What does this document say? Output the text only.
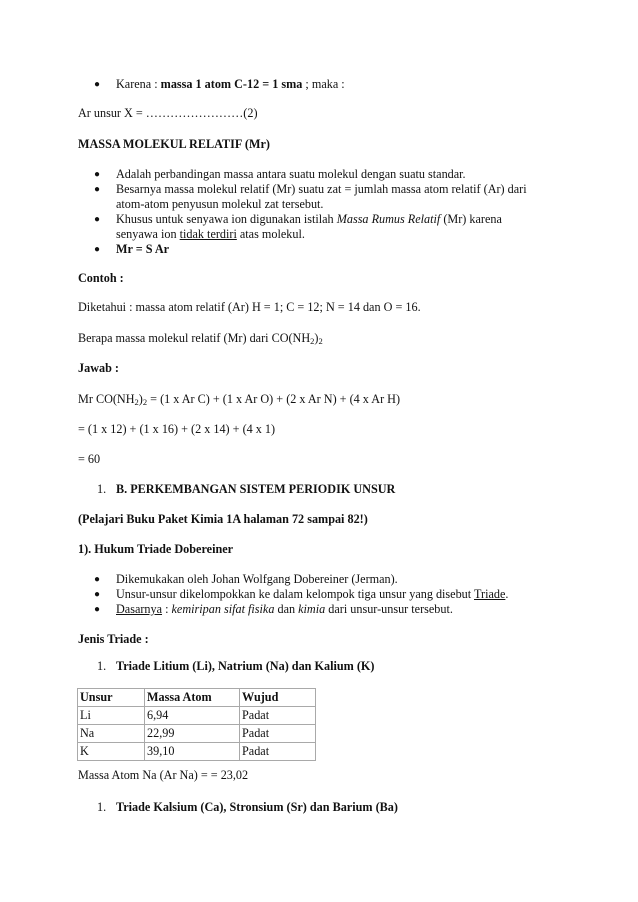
● Karena : massa 1 atom C-12 = 1 sma ; maka :
Ar unsur X = ……………………(2)
MASSA MOLEKUL RELATIF (Mr)
● Adalah perbandingan massa antara suatu molekul dengan suatu standar.
● Besarnya massa molekul relatif (Mr) suatu zat = jumlah massa atom relatif (Ar) dari
atom-atom penyusun molekul zat tersebut.
● Khusus untuk senyawa ion digunakan istilah Massa Rumus Relatif (Mr) karena
senyawa ion tidak terdiri atas molekul.
● Mr = S Ar
Contoh :
Diketahui : massa atom relatif (Ar) H = 1; C = 12; N = 14 dan O = 16.
Berapa massa molekul relatif (Mr) dari $CO(NH_2)_2$
Jawab :
Mr $CO(NH_2)_2 = (1$ x Ar C) + (1 x Ar O) + (2 x Ar N) + (4 x Ar H)
= (1 x 12) + (1 x 16) + (2 x 14) + (4 x 1)
= 60
1. B. PERKEMBANGAN SISTEM PERIODIK UNSUR
(Pelajari Buku Paket Kimia 1A halaman 72 sampai 82!)
1). Hukum Triade Dobereiner
● Dikemukakan oleh Johan Wolfgang Dobereiner (Jerman).
● Unsur-unsur dikelompokkan ke dalam kelompok tiga unsur yang disebut Triade.
● Dasarnya : kemiripan sifat fisika dan kimia dari unsur-unsur tersebut.
Jenis Triade :
1. Triade Litium (Li), Natrium (Na) dan Kalium (K)
Unsur	Massa Atom	Wujud
Li	6,94	Padat
Na	22,99	Padat
K	39,10	Padat
Massa Atom Na (Ar Na) = = 23,02
1. Triade Kalsium (Ca), Stronsium (Sr) dan Barium (Ba)
